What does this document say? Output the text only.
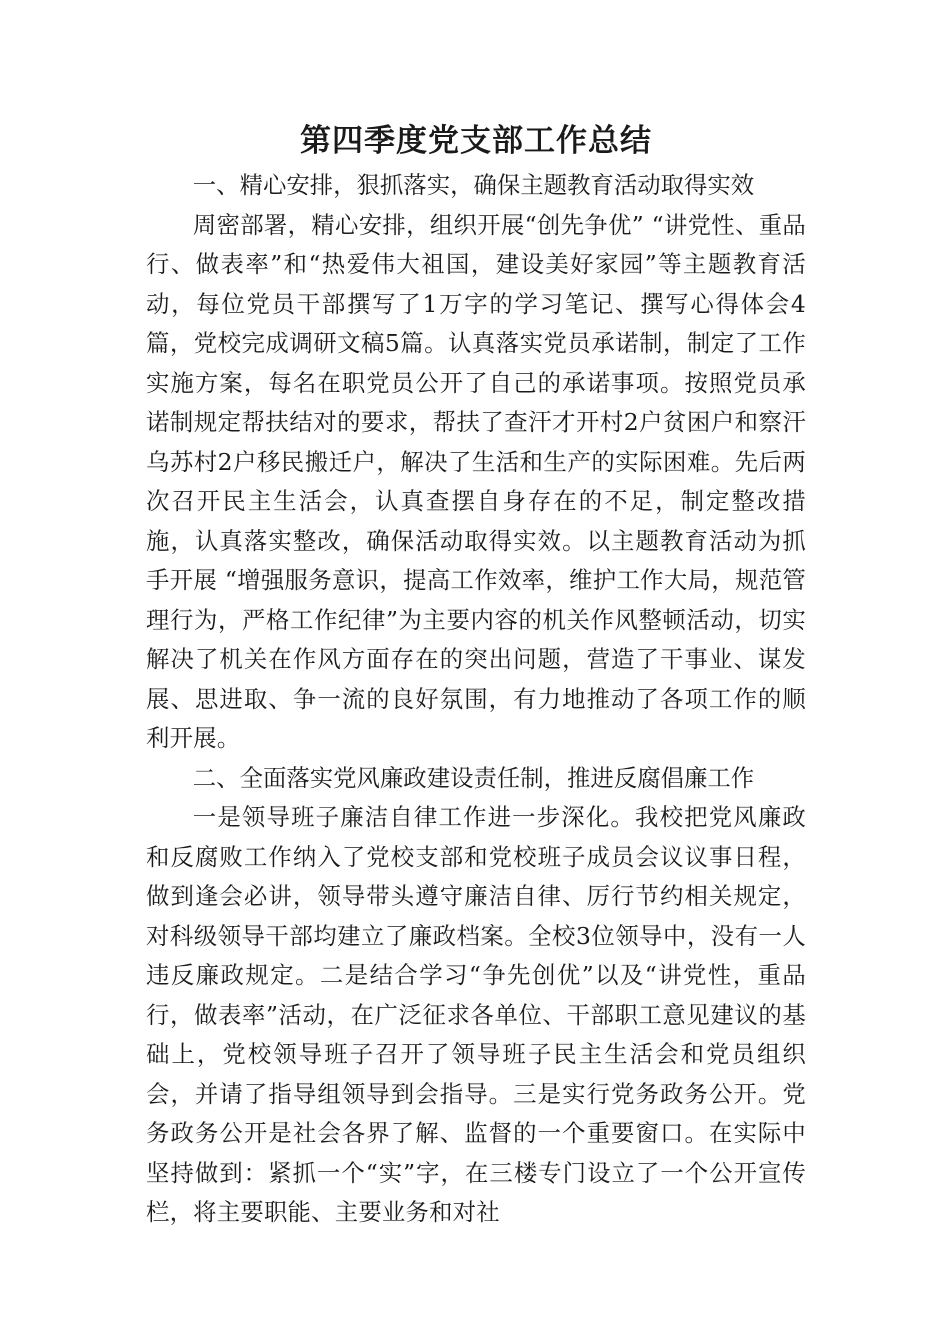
第四季度党支部工作总结

一、精心安排，狠抓落实，确保主题教育活动取得实效

周密部署，精心安排，组织开展“创先争优” “讲党性、重品行、做表率”和“热爱伟大祖国，建设美好家园”等主题教育活动，每位党员干部撰写了1万字的学习笔记、撰写心得体会4篇，党校完成调研文稿5篇。认真落实党员承诺制，制定了工作实施方案，每名在职党员公开了自己的承诺事项。按照党员承诺制规定帮扶结对的要求，帮扶了查汗才开村2户贫困户和察汗乌苏村2户移民搬迁户，解决了生活和生产的实际困难。先后两次召开民主生活会，认真查摆自身存在的不足，制定整改措施，认真落实整改，确保活动取得实效。以主题教育活动为抓手开展 “增强服务意识，提高工作效率，维护工作大局，规范管理行为，严格工作纪律”为主要内容的机关作风整顿活动，切实解决了机关在作风方面存在的突出问题，营造了干事业、谋发展、思进取、争一流的良好氛围，有力地推动了各项工作的顺利开展。

二、全面落实党风廉政建设责任制，推进反腐倡廉工作

一是领导班子廉洁自律工作进一步深化。我校把党风廉政和反腐败工作纳入了党校支部和党校班子成员会议议事日程，做到逢会必讲，领导带头遵守廉洁自律、厉行节约相关规定，对科级领导干部均建立了廉政档案。全校3位领导中，没有一人违反廉政规定。二是结合学习“争先创优”以及“讲党性，重品行，做表率”活动，在广泛征求各单位、干部职工意见建议的基础上，党校领导班子召开了领导班子民主生活会和党员组织会，并请了指导组领导到会指导。三是实行党务政务公开。党务政务公开是社会各界了解、监督的一个重要窗口。在实际中坚持做到：紧抓一个“实”字，在三楼专门设立了一个公开宣传栏，将主要职能、主要业务和对社
